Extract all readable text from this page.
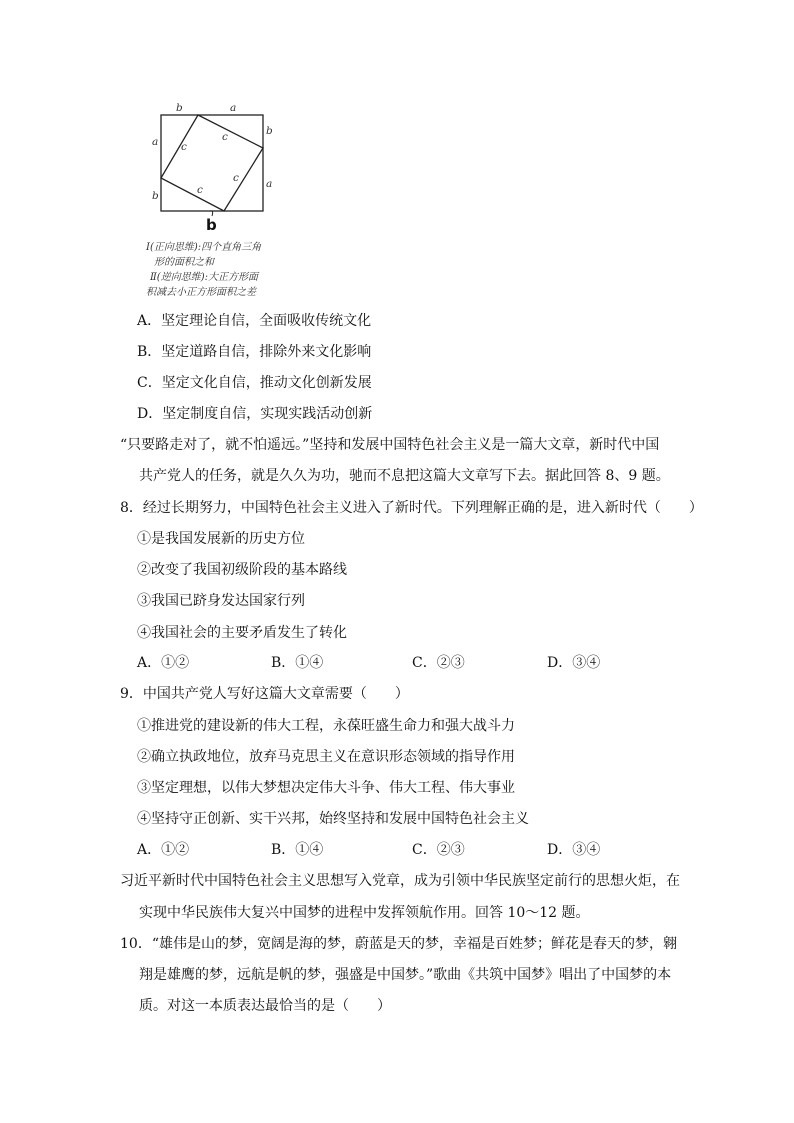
b	a
a
b
b
a
c
c
c
c
b
Ⅰ(正向思维):四个直角三角
形的面积之和
Ⅱ(逆向思维):大正方形面
积减去小正方形面积之差
A．坚定理论自信，全面吸收传统文化
B．坚定道路自信，排除外来文化影响
C．坚定文化自信，推动文化创新发展
D．坚定制度自信，实现实践活动创新
“只要路走对了，就不怕遥远。”坚持和发展中国特色社会主义是一篇大文章，新时代中国
共产党人的任务，就是久久为功，驰而不息把这篇大文章写下去。据此回答 8、9 题。
8．经过长期努力，中国特色社会主义进入了新时代。下列理解正确的是，进入新时代（　　）
①是我国发展新的历史方位
②改变了我国初级阶段的基本路线
③我国已跻身发达国家行列
④我国社会的主要矛盾发生了转化
A．①②	B．①④	C．②③	D．③④
9．中国共产党人写好这篇大文章需要（　　）
①推进党的建设新的伟大工程，永葆旺盛生命力和强大战斗力
②确立执政地位，放弃马克思主义在意识形态领域的指导作用
③坚定理想，以伟大梦想决定伟大斗争、伟大工程、伟大事业
④坚持守正创新、实干兴邦，始终坚持和发展中国特色社会主义
A．①②	B．①④	C．②③	D．③④
习近平新时代中国特色社会主义思想写入党章，成为引领中华民族坚定前行的思想火炬，在
实现中华民族伟大复兴中国梦的进程中发挥领航作用。回答 10～12 题。
10．“雄伟是山的梦，宽阔是海的梦，蔚蓝是天的梦，幸福是百姓梦；鲜花是春天的梦，翱
翔是雄鹰的梦，远航是帆的梦，强盛是中国梦。”歌曲《共筑中国梦》唱出了中国梦的本
质。对这一本质表达最恰当的是（　　）
